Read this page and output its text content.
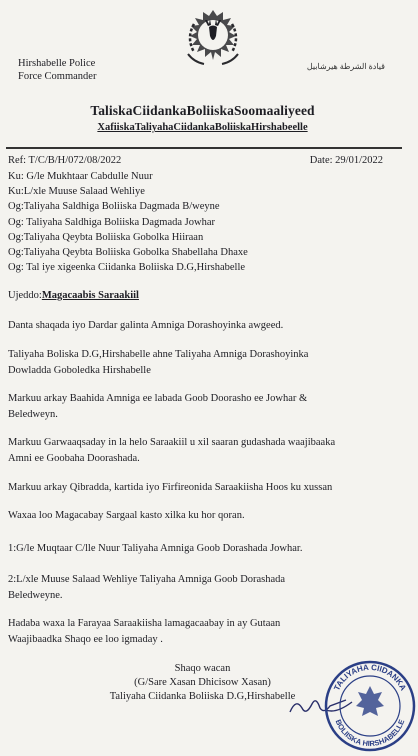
Hirshabelle Police
Force Commander
قيادة الشرطة هيرشابيل
TaliskaCiidankaBoliiskaSoomaaliyeed
XafiiskaTaliyahaCiidankaBoliiskaHirshabeelle
Ref: T/C/B/H/072/08/2022	Date: 29/01/2022
Ku: G/le Mukhtaar Cabdulle Nuur
Ku:L/xle Muuse Salaad Wehliye
Og:Taliyaha Saldhiga Boliiska Dagmada B/weyne
Og: Taliyaha Saldhiga Boliiska Dagmada Jowhar
Og:Taliyaha Qeybta Boliiska Gobolka Hiiraan
Og:Taliyaha Qeybta Boliiska Gobolka Shabellaha Dhaxe
Og: Tal iye xigeenka Ciidanka Boliiska D.G,Hirshabelle
Ujeddo:Magacaabis Saraakiil
Danta shaqada iyo Dardar galinta Amniga Dorashoyinka awgeed.
Taliyaha Boliska D.G,Hirshabelle ahne Taliyaha Amniga Dorashoyinka
Dowladda Goboledka Hirshabelle
Markuu arkay Baahida Amniga ee labada Goob Doorasho ee Jowhar &
Beledweyn.
Markuu Garwaaqsaday in la helo Saraakiil u xil saaran gudashada waajibaaka
Amni ee Goobaha Doorashada.
Markuu arkay Qibradda, kartida iyo Firfireonida Saraakiisha Hoos ku xussan
Waxaa loo Magacabay Sargaal kasto xilka ku hor qoran.
1:G/le Muqtaar C/lle Nuur Taliyaha Amniga Goob Dorashada Jowhar.
2:L/xle Muuse Salaad Wehliye Taliyaha Amniga Goob Dorashada
Beledweyne.
Hadaba waxa la Farayaa Saraakiisha lamagacaabay in ay Gutaan
Waajibaadka Shaqo ee loo igmaday .
Shaqo wacan
(G/Sare Xasan Dhicisow Xasan)
Taliyaha Ciidanka Boliiska D.G,Hirshabelle
TALIYAHA CIIDANKA
BOLIISKA HIRSHABELLE
